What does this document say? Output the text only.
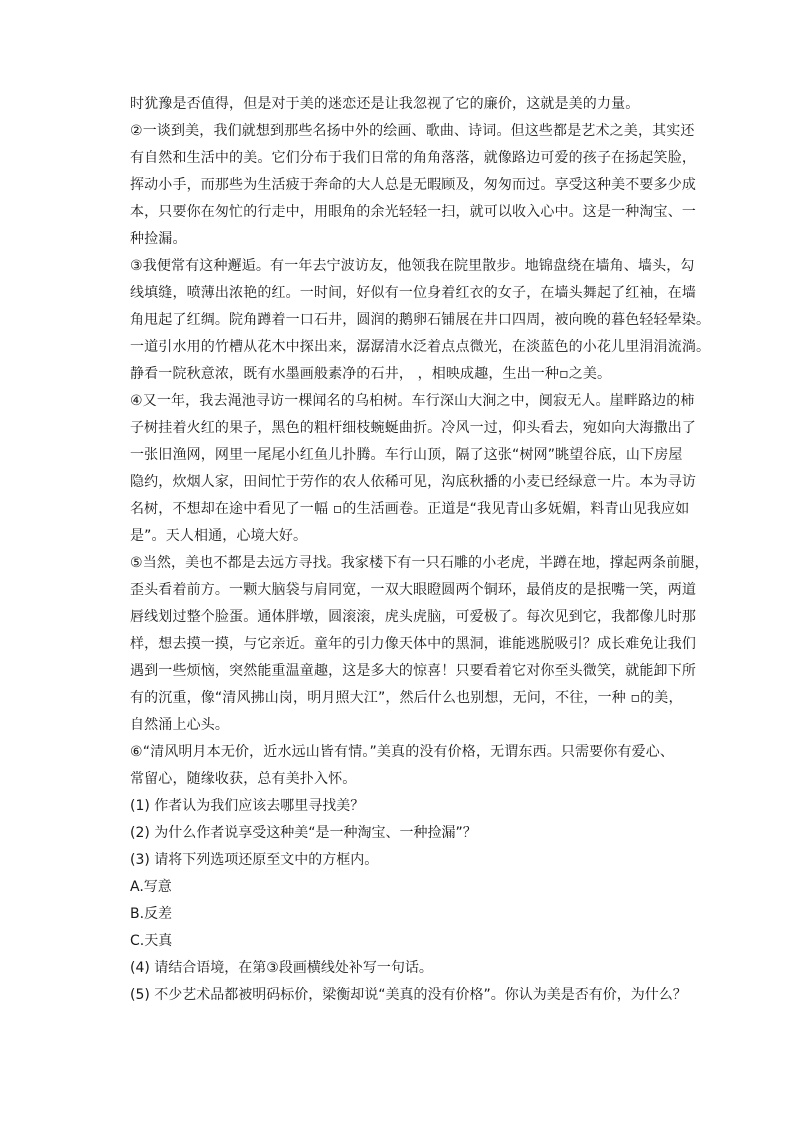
时犹豫是否值得，但是对于美的迷恋还是让我忽视了它的廉价，这就是美的力量。
②一谈到美，我们就想到那些名扬中外的绘画、歌曲、诗词。但这些都是艺术之美，其实还
有自然和生活中的美。它们分布于我们日常的角角落落，就像路边可爱的孩子在扬起笑脸，
挥动小手，而那些为生活疲于奔命的大人总是无暇顾及，匆匆而过。享受这种美不要多少成
本，只要你在匆忙的行走中，用眼角的余光轻轻一扫，就可以收入心中。这是一种淘宝、一
种捡漏。
③我便常有这种邂逅。有一年去宁波访友，他领我在院里散步。地锦盘绕在墙角、墙头，勾
线填缝，喷薄出浓艳的红。一时间，好似有一位身着红衣的女子，在墙头舞起了红袖，在墙
角甩起了红绸。院角蹲着一口石井，圆润的鹅卵石铺展在井口四周，被向晚的暮色轻轻晕染。
一道引水用的竹槽从花木中探出来，潺潺清水泛着点点微光，在淡蓝色的小花儿里涓涓流淌。
静看一院秋意浓，既有水墨画般素净的石井， ，相映成趣，生出一种▫之美。
④又一年，我去渑池寻访一棵闻名的乌桕树。车行深山大涧之中，阒寂无人。崖畔路边的柿
子树挂着火红的果子，黑色的粗杆细枝蜿蜒曲折。冷风一过，仰头看去，宛如向大海撒出了
一张旧渔网，网里一尾尾小红鱼儿扑腾。车行山顶，隔了这张“树网”眺望谷底，山下房屋
隐约，炊烟人家，田间忙于劳作的农人依稀可见，沟底秋播的小麦已经绿意一片。本为寻访
名树，不想却在途中看见了一幅 ▫的生活画卷。正道是“我见青山多妩媚，料青山见我应如
是”。天人相通，心境大好。
⑤当然，美也不都是去远方寻找。我家楼下有一只石雕的小老虎，半蹲在地，撑起两条前腿，
歪头看着前方。一颗大脑袋与肩同宽，一双大眼瞪圆两个铜环，最俏皮的是抿嘴一笑，两道
唇线划过整个脸蛋。通体胖墩，圆滚滚，虎头虎脑，可爱极了。每次见到它，我都像儿时那
样，想去摸一摸，与它亲近。童年的引力像天体中的黑洞，谁能逃脱吸引？成长难免让我们
遇到一些烦恼，突然能重温童趣，这是多大的惊喜！只要看着它对你至头微笑，就能卸下所
有的沉重，像“清风拂山岗，明月照大江”，然后什么也别想，无问，不往，一种 ▫的美，
自然涌上心头。
⑥“清风明月本无价，近水远山皆有情。”美真的没有价格，无谓东西。只需要你有爱心、
常留心，随缘收获，总有美扑入怀。
(1) 作者认为我们应该去哪里寻找美？
(2) 为什么作者说享受这种美“是一种淘宝、一种捡漏”？
(3) 请将下列选项还原至文中的方框内。
A.写意
B.反差
C.天真
(4) 请结合语境，在第③段画横线处补写一句话。
(5) 不少艺术品都被明码标价，梁衡却说“美真的没有价格”。你认为美是否有价，为什么？
